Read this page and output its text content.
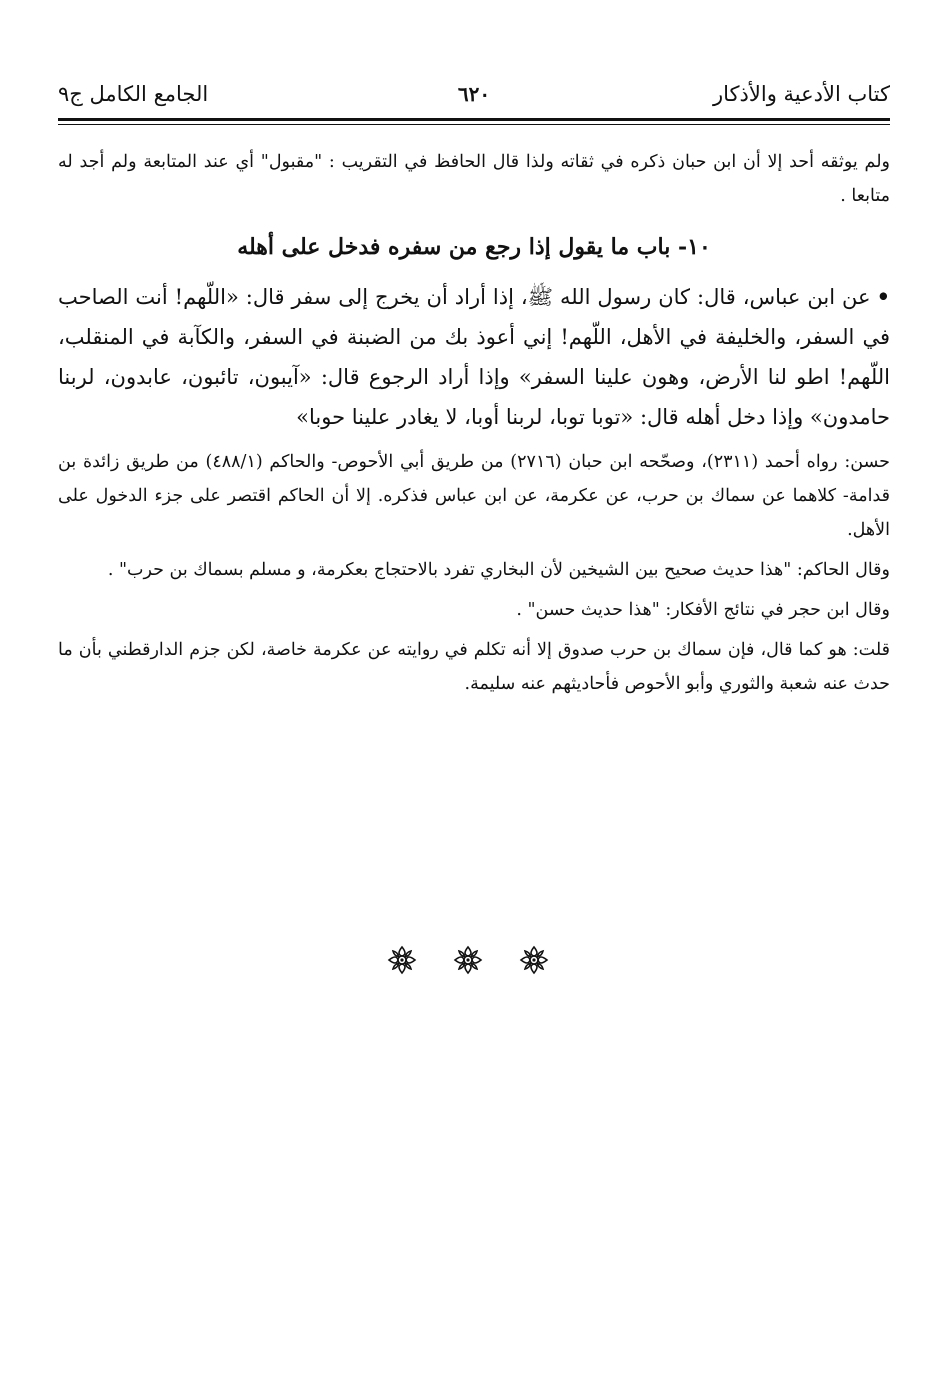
كتاب الأدعية والأذكار
٦٢٠
الجامع الكامل ج٩

ولم يوثقه أحد إلا أن ابن حبان ذكره في ثقاته ولذا قال الحافظ في التقريب : "مقبول" أي عند المتابعة ولم أجد له متابعا .

١٠- باب ما يقول إذا رجع من سفره فدخل على أهله

•عن ابن عباس، قال: كان رسول الله ﷺ، إذا أراد أن يخرج إلى سفر قال: «اللّهم! أنت الصاحب في السفر، والخليفة في الأهل، اللّهم! إني أعوذ بك من الضبنة في السفر، والكآبة في المنقلب، اللّهم! اطو لنا الأرض، وهون علينا السفر» وإذا أراد الرجوع قال: «آيبون، تائبون، عابدون، لربنا حامدون» وإذا دخل أهله قال: «توبا توبا، لربنا أوبا، لا يغادر علينا حوبا»

حسن: رواه أحمد (٢٣١١)، وصحّحه ابن حبان (٢٧١٦) من طريق أبي الأحوص- والحاكم (٤٨٨/١) من طريق زائدة بن قدامة- كلاهما عن سماك بن حرب، عن عكرمة، عن ابن عباس فذكره. إلا أن الحاكم اقتصر على جزء الدخول على الأهل.

وقال الحاكم: "هذا حديث صحيح بين الشيخين لأن البخاري تفرد بالاحتجاج بعكرمة، و مسلم بسماك بن حرب" .

وقال ابن حجر في نتائج الأفكار: "هذا حديث حسن" .

قلت: هو كما قال، فإن سماك بن حرب صدوق إلا أنه تكلم في روايته عن عكرمة خاصة، لكن جزم الدارقطني بأن ما حدث عنه شعبة والثوري وأبو الأحوص فأحاديثهم عنه سليمة.
